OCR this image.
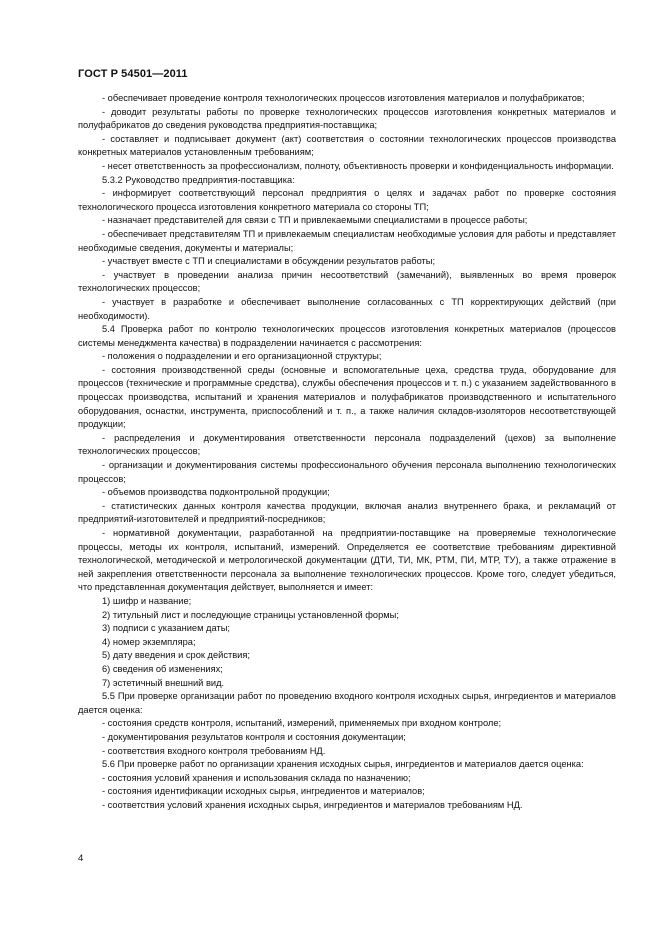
ГОСТ Р 54501—2011

- обеспечивает проведение контроля технологических процессов изготовления материалов и полуфабрикатов;

- доводит результаты работы по проверке технологических процессов изготовления конкретных материалов и полуфабрикатов до сведения руководства предприятия-поставщика;

- составляет и подписывает документ (акт) соответствия о состоянии технологических процессов производства конкретных материалов установленным требованиям;

- несет ответственность за профессионализм, полноту, объективность проверки и конфиденциальность информации.

5.3.2 Руководство предприятия-поставщика:

- информирует соответствующий персонал предприятия о целях и задачах работ по проверке состояния технологического процесса изготовления конкретного материала со стороны ТП;

- назначает представителей для связи с ТП и привлекаемыми специалистами в процессе работы;

- обеспечивает представителям ТП и привлекаемым специалистам необходимые условия для работы и представляет необходимые сведения, документы и материалы;

- участвует вместе с ТП и специалистами в обсуждении результатов работы;

- участвует в проведении анализа причин несоответствий (замечаний), выявленных во время проверок технологических процессов;

- участвует в разработке и обеспечивает выполнение согласованных с ТП корректирующих действий (при необходимости).

5.4 Проверка работ по контролю технологических процессов изготовления конкретных материалов (процессов системы менеджмента качества) в подразделении начинается с рассмотрения:

- положения о подразделении и его организационной структуры;

- состояния производственной среды (основные и вспомогательные цеха, средства труда, оборудование для процессов (технические и программные средства), службы обеспечения процессов и т. п.) с указанием задействованного в процессах производства, испытаний и хранения материалов и полуфабрикатов производственного и испытательного оборудования, оснастки, инструмента, приспособлений и т. п., а также наличия складов-изоляторов несоответствующей продукции;

- распределения и документирования ответственности персонала подразделений (цехов) за выполнение технологических процессов;

- организации и документирования системы профессионального обучения персонала выполнению технологических процессов;

- объемов производства подконтрольной продукции;

- статистических данных контроля качества продукции, включая анализ внутреннего брака, и рекламаций от предприятий-изготовителей и предприятий-посредников;

- нормативной документации, разработанной на предприятии-поставщике на проверяемые технологические процессы, методы их контроля, испытаний, измерений. Определяется ее соответствие требованиям директивной технологической, методической и метрологической документации (ДТИ, ТИ, МК, РТМ, ПИ, МТР, ТУ), а также отражение в ней закрепления ответственности персонала за выполнение технологических процессов. Кроме того, следует убедиться, что представленная документация действует, выполняется и имеет:

1) шифр и название;

2) титульный лист и последующие страницы установленной формы;

3) подписи с указанием даты;

4) номер экземпляра;

5) дату введения и срок действия;

6) сведения об изменениях;

7) эстетичный внешний вид.

5.5 При проверке организации работ по проведению входного контроля исходных сырья, ингредиентов и материалов дается оценка:

- состояния средств контроля, испытаний, измерений, применяемых при входном контроле;

- документирования результатов контроля и состояния документации;

- соответствия входного контроля требованиям НД.

5.6 При проверке работ по организации хранения исходных сырья, ингредиентов и материалов дается оценка:

- состояния условий хранения и использования склада по назначению;

- состояния идентификации исходных сырья, ингредиентов и материалов;

- соответствия условий хранения исходных сырья, ингредиентов и материалов требованиям НД.

4
